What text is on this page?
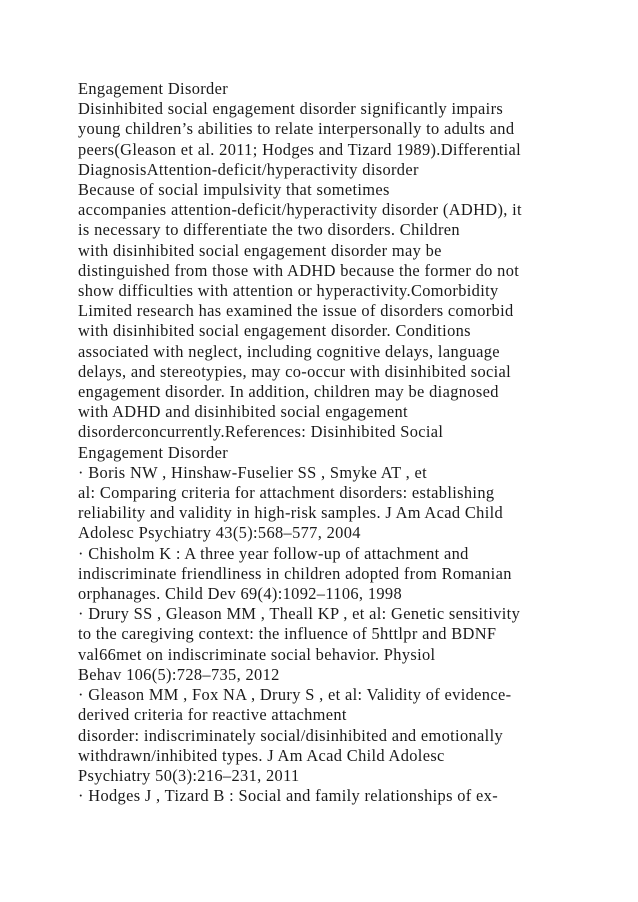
Engagement Disorder
Disinhibited social engagement disorder significantly impairs
young children’s abilities to relate interpersonally to adults and
peers(Gleason et al. 2011; Hodges and Tizard 1989).Differential
DiagnosisAttention-deficit/hyperactivity disorder
Because of social impulsivity that sometimes
accompanies attention-deficit/hyperactivity disorder (ADHD), it
is necessary to differentiate the two disorders. Children
with disinhibited social engagement disorder may be
distinguished from those with ADHD because the former do not
show difficulties with attention or hyperactivity.Comorbidity
Limited research has examined the issue of disorders comorbid
with disinhibited social engagement disorder. Conditions
associated with neglect, including cognitive delays, language
delays, and stereotypies, may co-occur with disinhibited social
engagement disorder. In addition, children may be diagnosed
with ADHD and disinhibited social engagement
disorderconcurrently.References: Disinhibited Social
Engagement Disorder
· Boris NW , Hinshaw-Fuselier SS , Smyke AT , et
al: Comparing criteria for attachment disorders: establishing
reliability and validity in high-risk samples. J Am Acad Child
Adolesc Psychiatry 43(5):568–577, 2004
· Chisholm K : A three year follow-up of attachment and
indiscriminate friendliness in children adopted from Romanian
orphanages. Child Dev 69(4):1092–1106, 1998
· Drury SS , Gleason MM , Theall KP , et al: Genetic sensitivity
to the caregiving context: the influence of 5httlpr and BDNF
val66met on indiscriminate social behavior. Physiol
Behav 106(5):728–735, 2012
· Gleason MM , Fox NA , Drury S , et al: Validity of evidence-
derived criteria for reactive attachment
disorder: indiscriminately social/disinhibited and emotionally
withdrawn/inhibited types. J Am Acad Child Adolesc
Psychiatry 50(3):216–231, 2011
· Hodges J , Tizard B : Social and family relationships of ex-
